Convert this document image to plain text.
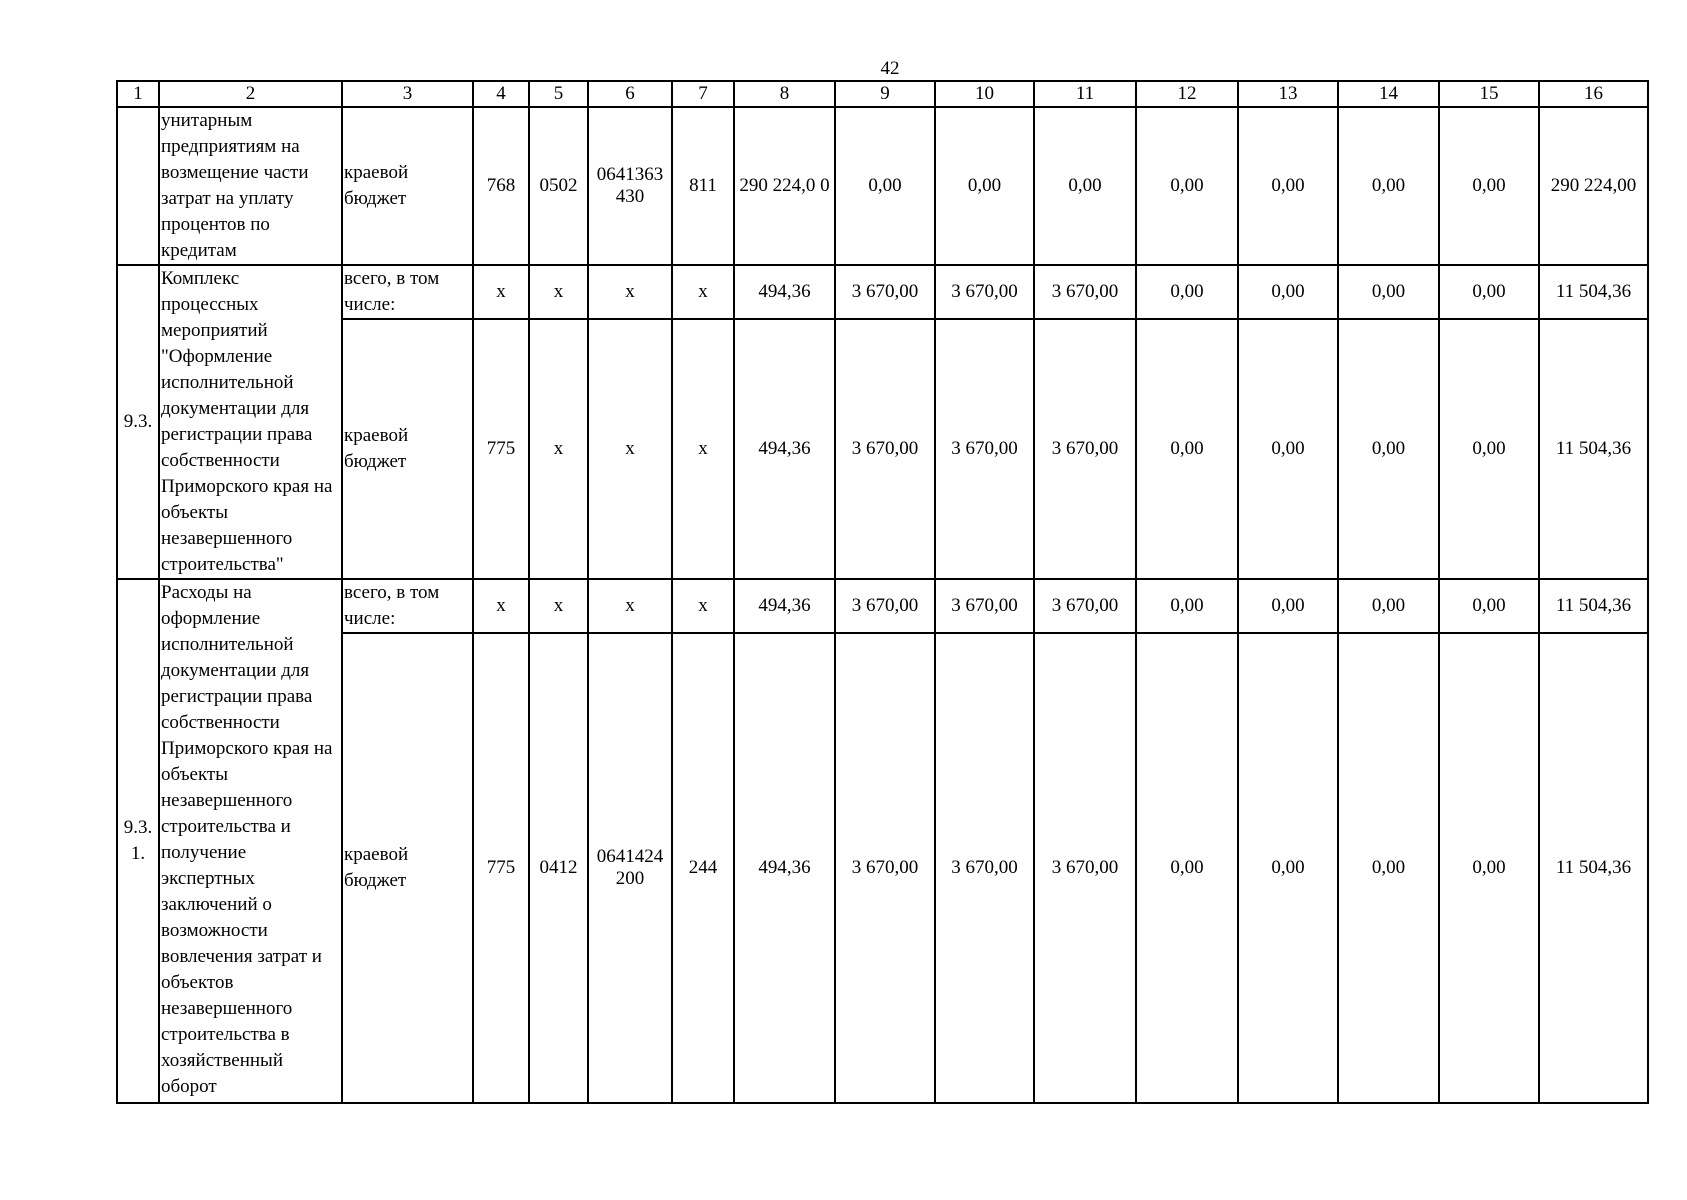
42
1	2	3	4	5	6	7	8	9	10	11	12	13	14	15	16
	унитарным предприятиям на возмещение части затрат на уплату процентов по кредитам	краевой бюджет	768	0502	0641363 430	811	290 224,0 0	0,00	0,00	0,00	0,00	0,00	0,00	0,00	290 224,00
9.3.	Комплекс процессных мероприятий "Оформление исполнительной документации для регистрации права собственности Приморского края на объекты незавершенного строительства"	всего, в том числе:	x	x	x	x	494,36	3 670,00	3 670,00	3 670,00	0,00	0,00	0,00	0,00	11 504,36
		краевой бюджет	775	x	x	x	494,36	3 670,00	3 670,00	3 670,00	0,00	0,00	0,00	0,00	11 504,36
9.3. 1.	Расходы на оформление исполнительной документации для регистрации права собственности Приморского края на объекты незавершенного строительства и получение экспертных заключений о возможности вовлечения затрат и объектов незавершенного строительства в хозяйственный оборот	всего, в том числе:	x	x	x	x	494,36	3 670,00	3 670,00	3 670,00	0,00	0,00	0,00	0,00	11 504,36
		краевой бюджет	775	0412	0641424 200	244	494,36	3 670,00	3 670,00	3 670,00	0,00	0,00	0,00	0,00	11 504,36
